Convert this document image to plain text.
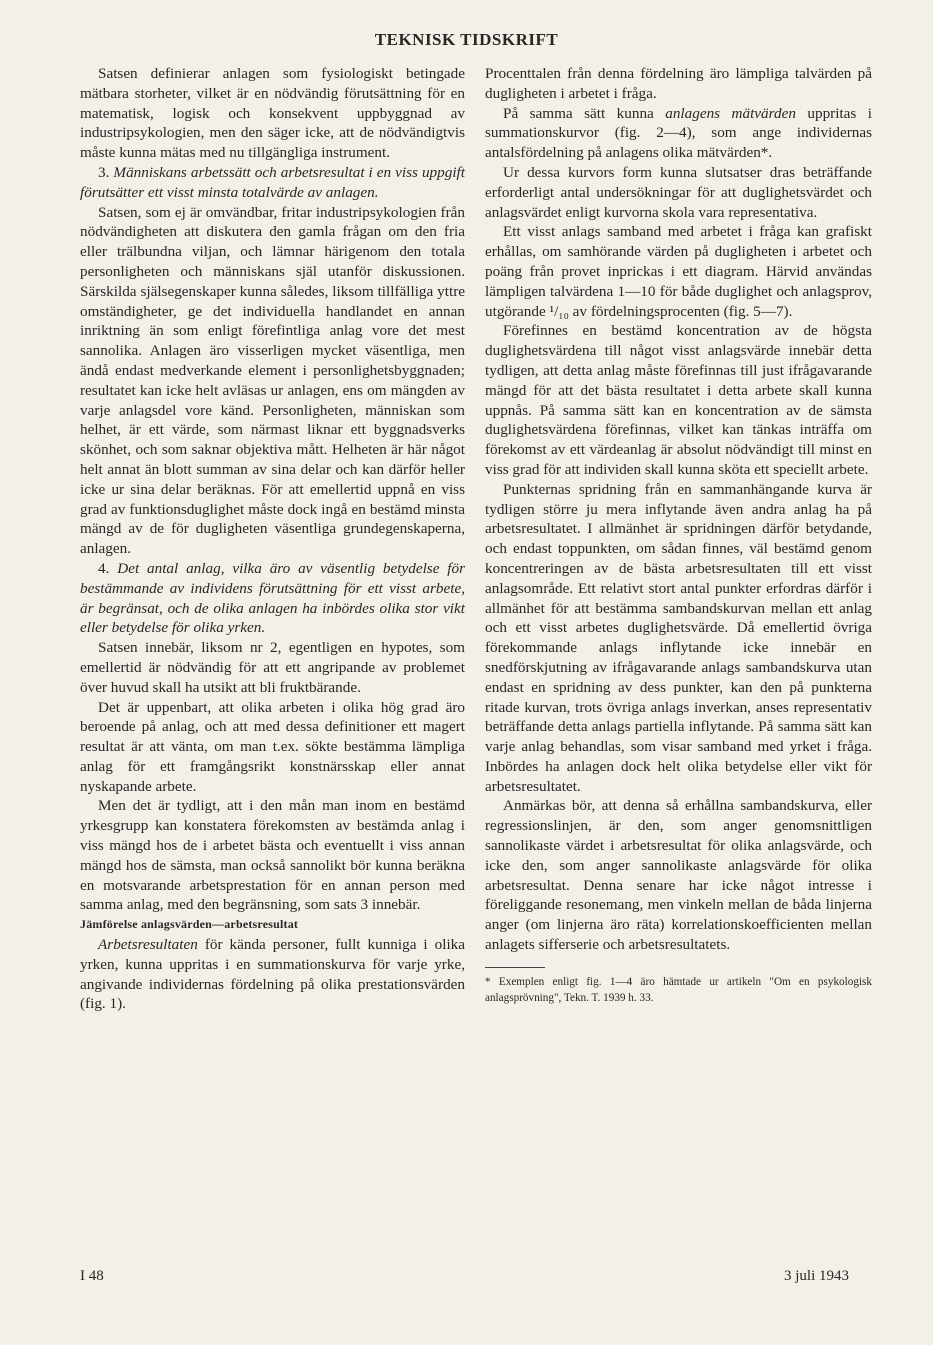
TEKNISK TIDSKRIFT

Satsen definierar anlagen som fysiologiskt betingade mätbara storheter, vilket är en nödvändig förutsättning för en matematisk, logisk och konsekvent uppbyggnad av industripsykologien, men den säger icke, att de nödvändigtvis måste kunna mätas med nu tillgängliga instrument.

3. Människans arbetssätt och arbetsresultat i en viss uppgift förutsätter ett visst minsta totalvärde av anlagen.

Satsen, som ej är omvändbar, fritar industripsykologien från nödvändigheten att diskutera den gamla frågan om den fria eller trälbundna viljan, och lämnar härigenom den totala personligheten och människans själ utanför diskussionen. Särskilda själsegenskaper kunna således, liksom tillfälliga yttre omständigheter, ge det individuella handlandet en annan inriktning än som enligt förefintliga anlag vore det mest sannolika. Anlagen äro visserligen mycket väsentliga, men ändå endast medverkande element i personlighetsbyggnaden; resultatet kan icke helt avläsas ur anlagen, ens om mängden av varje anlagsdel vore känd. Personligheten, människan som helhet, är ett värde, som närmast liknar ett byggnadsverks skönhet, och som saknar objektiva mått. Helheten är här något helt annat än blott summan av sina delar och kan därför heller icke ur sina delar beräknas. För att emellertid uppnå en viss grad av funktionsduglighet måste dock ingå en bestämd minsta mängd av de för dugligheten väsentliga grundegenskaperna, anlagen.

4. Det antal anlag, vilka äro av väsentlig betydelse för bestämmande av individens förutsättning för ett visst arbete, är begränsat, och de olika anlagen ha inbördes olika stor vikt eller betydelse för olika yrken.

Satsen innebär, liksom nr 2, egentligen en hypotes, som emellertid är nödvändig för att ett angripande av problemet över huvud skall ha utsikt att bli fruktbärande.

Det är uppenbart, att olika arbeten i olika hög grad äro beroende på anlag, och att med dessa definitioner ett magert resultat är att vänta, om man t.ex. sökte bestämma lämpliga anlag för ett framgångsrikt konstnärsskap eller annat nyskapande arbete.

Men det är tydligt, att i den mån man inom en bestämd yrkesgrupp kan konstatera förekomsten av bestämda anlag i viss mängd hos de i arbetet bästa och eventuellt i viss annan mängd hos de sämsta, man också sannolikt bör kunna beräkna en motsvarande arbetsprestation för en annan person med samma anlag, med den begränsning, som sats 3 innebär.

Jämförelse anlagsvärden—arbetsresultat

Arbetsresultaten för kända personer, fullt kunniga i olika yrken, kunna uppritas i en summationskurva för varje yrke, angivande individernas fördelning på olika prestationsvärden (fig. 1).

Procenttalen från denna fördelning äro lämpliga talvärden på dugligheten i arbetet i fråga.

På samma sätt kunna anlagens mätvärden uppritas i summationskurvor (fig. 2—4), som ange individernas antalsfördelning på anlagens olika mätvärden*.

Ur dessa kurvors form kunna slutsatser dras beträffande erforderligt antal undersökningar för att duglighetsvärdet och anlagsvärdet enligt kurvorna skola vara representativa.

Ett visst anlags samband med arbetet i fråga kan grafiskt erhållas, om samhörande värden på dugligheten i arbetet och poäng från provet inprickas i ett diagram. Härvid användas lämpligen talvärdena 1—10 för både duglighet och anlagsprov, utgörande ¹/₁₀ av fördelningsprocenten (fig. 5—7).

Förefinnes en bestämd koncentration av de högsta duglighetsvärdena till något visst anlagsvärde innebär detta tydligen, att detta anlag måste förefinnas till just ifrågavarande mängd för att det bästa resultatet i detta arbete skall kunna uppnås. På samma sätt kan en koncentration av de sämsta duglighetsvärdena förefinnas, vilket kan tänkas inträffa om förekomst av ett värdeanlag är absolut nödvändigt till minst en viss grad för att individen skall kunna sköta ett speciellt arbete.

Punkternas spridning från en sammanhängande kurva är tydligen större ju mera inflytande även andra anlag ha på arbetsresultatet. I allmänhet är spridningen därför betydande, och endast toppunkten, om sådan finnes, väl bestämd genom koncentreringen av de bästa arbetsresultaten till ett visst anlagsområde. Ett relativt stort antal punkter erfordras därför i allmänhet för att bestämma sambandskurvan mellan ett anlag och ett visst arbetes duglighetsvärde. Då emellertid övriga förekommande anlags inflytande icke innebär en snedförskjutning av ifrågavarande anlags sambandskurva utan endast en spridning av dess punkter, kan den på punkterna ritade kurvan, trots övriga anlags inverkan, anses representativ beträffande detta anlags partiella inflytande. På samma sätt kan varje anlag behandlas, som visar samband med yrket i fråga. Inbördes ha anlagen dock helt olika betydelse eller vikt för arbetsresultatet.

Anmärkas bör, att denna så erhållna sambandskurva, eller regressionslinjen, är den, som anger genomsnittligen sannolikaste värdet i arbetsresultat för olika anlagsvärde, och icke den, som anger sannolikaste anlagsvärde för olika arbetsresultat. Denna senare har icke något intresse i föreliggande resonemang, men vinkeln mellan de båda linjerna anger (om linjerna äro räta) korrelationskoefficienten mellan anlagets sifferserie och arbetsresultatets.

* Exemplen enligt fig. 1—4 äro hämtade ur artikeln "Om en psykologisk anlagsprövning", Tekn. T. 1939 h. 33.

I 48	3 juli 1943
